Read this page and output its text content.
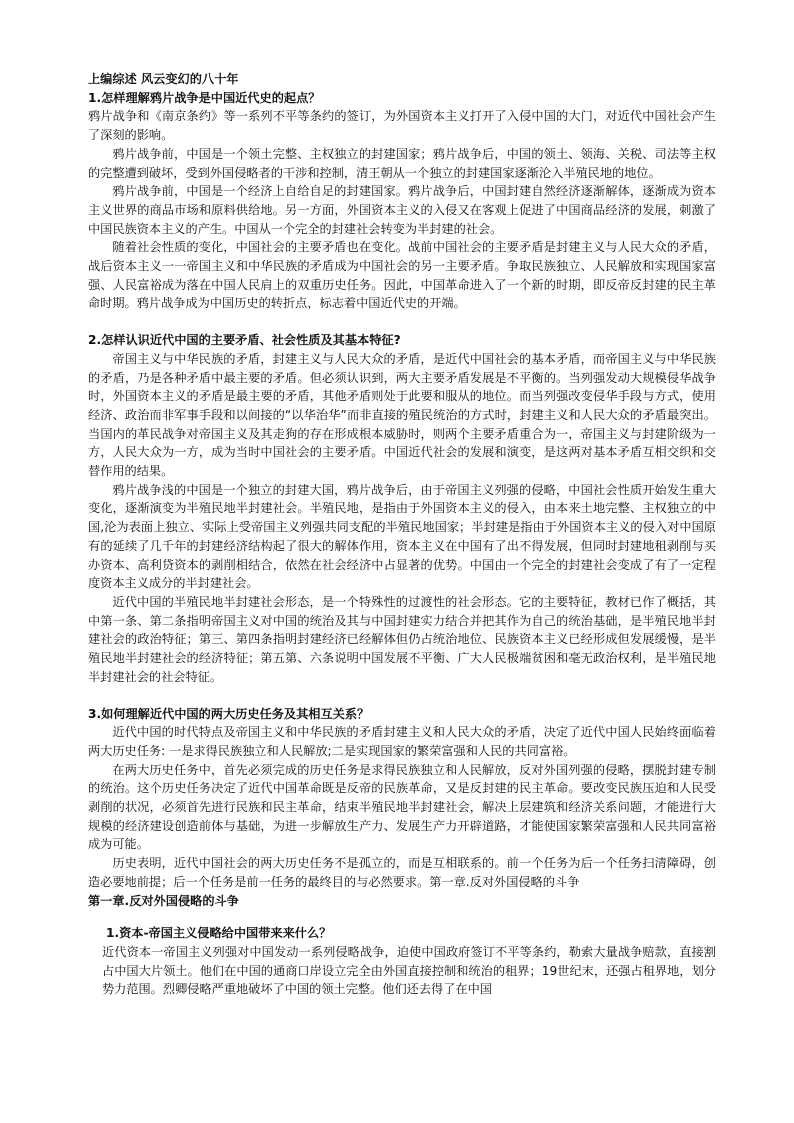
上编综述 风云变幻的八十年

1.怎样理解鸦片战争是中国近代史的起点？

鸦片战争和《南京条约》等一系列不平等条约的签订，为外国资本主义打开了入侵中国的大门，对近代中国社会产生了深刻的影响。

鸦片战争前，中国是一个领土完整、主权独立的封建国家；鸦片战争后，中国的领土、领海、关税、司法等主权的完整遭到破坏，受到外国侵略者的干涉和控制，清王朝从一个独立的封建国家逐渐沦入半殖民地的地位。

鸦片战争前，中国是一个经济上自给自足的封建国家。鸦片战争后，中国封建自然经济逐渐解体，逐渐成为资本主义世界的商品市场和原料供给地。另一方面，外国资本主义的入侵又在客观上促进了中国商品经济的发展，刺激了中国民族资本主义的产生。中国从一个完全的封建社会转变为半封建的社会。

随着社会性质的变化，中国社会的主要矛盾也在变化。战前中国社会的主要矛盾是封建主义与人民大众的矛盾，战后资本主义一一帝国主义和中华民族的矛盾成为中国社会的另一主要矛盾。争取民族独立、人民解放和实现国家富强、人民富裕成为落在中国人民肩上的双重历史任务。因此，中国革命进入了一个新的时期，即反帝反封建的民主革命时期。鸦片战争成为中国历史的转折点，标志着中国近代史的开端。

2.怎样认识近代中国的主要矛盾、社会性质及其基本特征?

帝国主义与中华民族的矛盾，封建主义与人民大众的矛盾，是近代中国社会的基本矛盾，而帝国主义与中华民族的矛盾，乃是各种矛盾中最主要的矛盾。但必须认识到，两大主要矛盾发展是不平衡的。当列强发动大规模侵华战争时，外国资本主义的矛盾是最主要的矛盾，其他矛盾则处于此要和服从的地位。而当列强改变侵华手段与方式，使用经济、政治而非军事手段和以间接的“以华治华”而非直接的殖民统治的方式时，封建主义和人民大众的矛盾最突出。当国内的革民战争对帝国主义及其走狗的存在形成根本威胁时，则两个主要矛盾重合为一，帝国主义与封建阶级为一方，人民大众为一方，成为当时中国社会的主要矛盾。中国近代社会的发展和演变，是这两对基本矛盾互相交织和交替作用的结果。

鸦片战争浅的中国是一个独立的封建大国，鸦片战争后，由于帝国主义列强的侵略，中国社会性质开始发生重大变化，逐渐演变为半殖民地半封建社会。半殖民地，是指由于外国资本主义的侵入，由本来土地完整、主权独立的中国,沦为表面上独立、实际上受帝国主义列强共同支配的半殖民地国家；半封建是指由于外国资本主义的侵入对中国原有的延续了几千年的封建经济结构起了很大的解体作用，资本主义在中国有了出不得发展，但同时封建地租剥削与买办资本、高利贷资本的剥削相结合，依然在社会经济中占显著的优势。中国由一个完全的封建社会变成了有了一定程度资本主义成分的半封建社会。

近代中国的半殖民地半封建社会形态，是一个特殊性的过渡性的社会形态。它的主要特征，教材已作了概括，其中第一条、第二条指明帝国主义对中国的统治及其与中国封建实力结合并把其作为自己的统治基础，是半殖民地半封建社会的政治特征；第三、第四条指明封建经济已经解体但仍占统治地位、民族资本主义已经形成但发展缓慢，是半殖民地半封建社会的经济特征；第五第、六条说明中国发展不平衡、广大人民极端贫困和毫无政治权利，是半殖民地半封建社会的社会特征。

3.如何理解近代中国的两大历史任务及其相互关系？

近代中国的时代特点及帝国主义和中华民族的矛盾封建主义和人民大众的矛盾，决定了近代中国人民始终面临着两大历史任务: 一是求得民族独立和人民解放;二是实现国家的繁荣富强和人民的共同富裕。

在两大历史任务中，首先必须完成的历史任务是求得民族独立和人民解放，反对外国列强的侵略，摆脱封建专制的统治。这个历史任务决定了近代中国革命既是反帝的民族革命，又是反封建的民主革命。要改变民族压迫和人民受剥削的状况，必须首先进行民族和民主革命，结束半殖民地半封建社会，解决上层建筑和经济关系问题，才能进行大规模的经济建设创造前体与基础，为进一步解放生产力、发展生产力开辟道路，才能使国家繁荣富强和人民共同富裕成为可能。

历史表明，近代中国社会的两大历史任务不是孤立的，而是互相联系的。前一个任务为后一个任务扫清障碍，创造必要地前提；后一个任务是前一任务的最终目的与必然要求。第一章.反对外国侵略的斗争

第一章.反对外国侵略的斗争

1.资本-帝国主义侵略给中国带来来什么？

近代资本一帝国主义列强对中国发动一系列侵略战争，迫使中国政府签订不平等条约，勒索大量战争赔款，直接割占中国大片领土。他们在中国的通商口岸设立完全由外国直接控制和统治的租界；19世纪末，还强占租界地，划分势力范围。烈卿侵略严重地破坏了中国的领土完整。他们还去得了在中国
